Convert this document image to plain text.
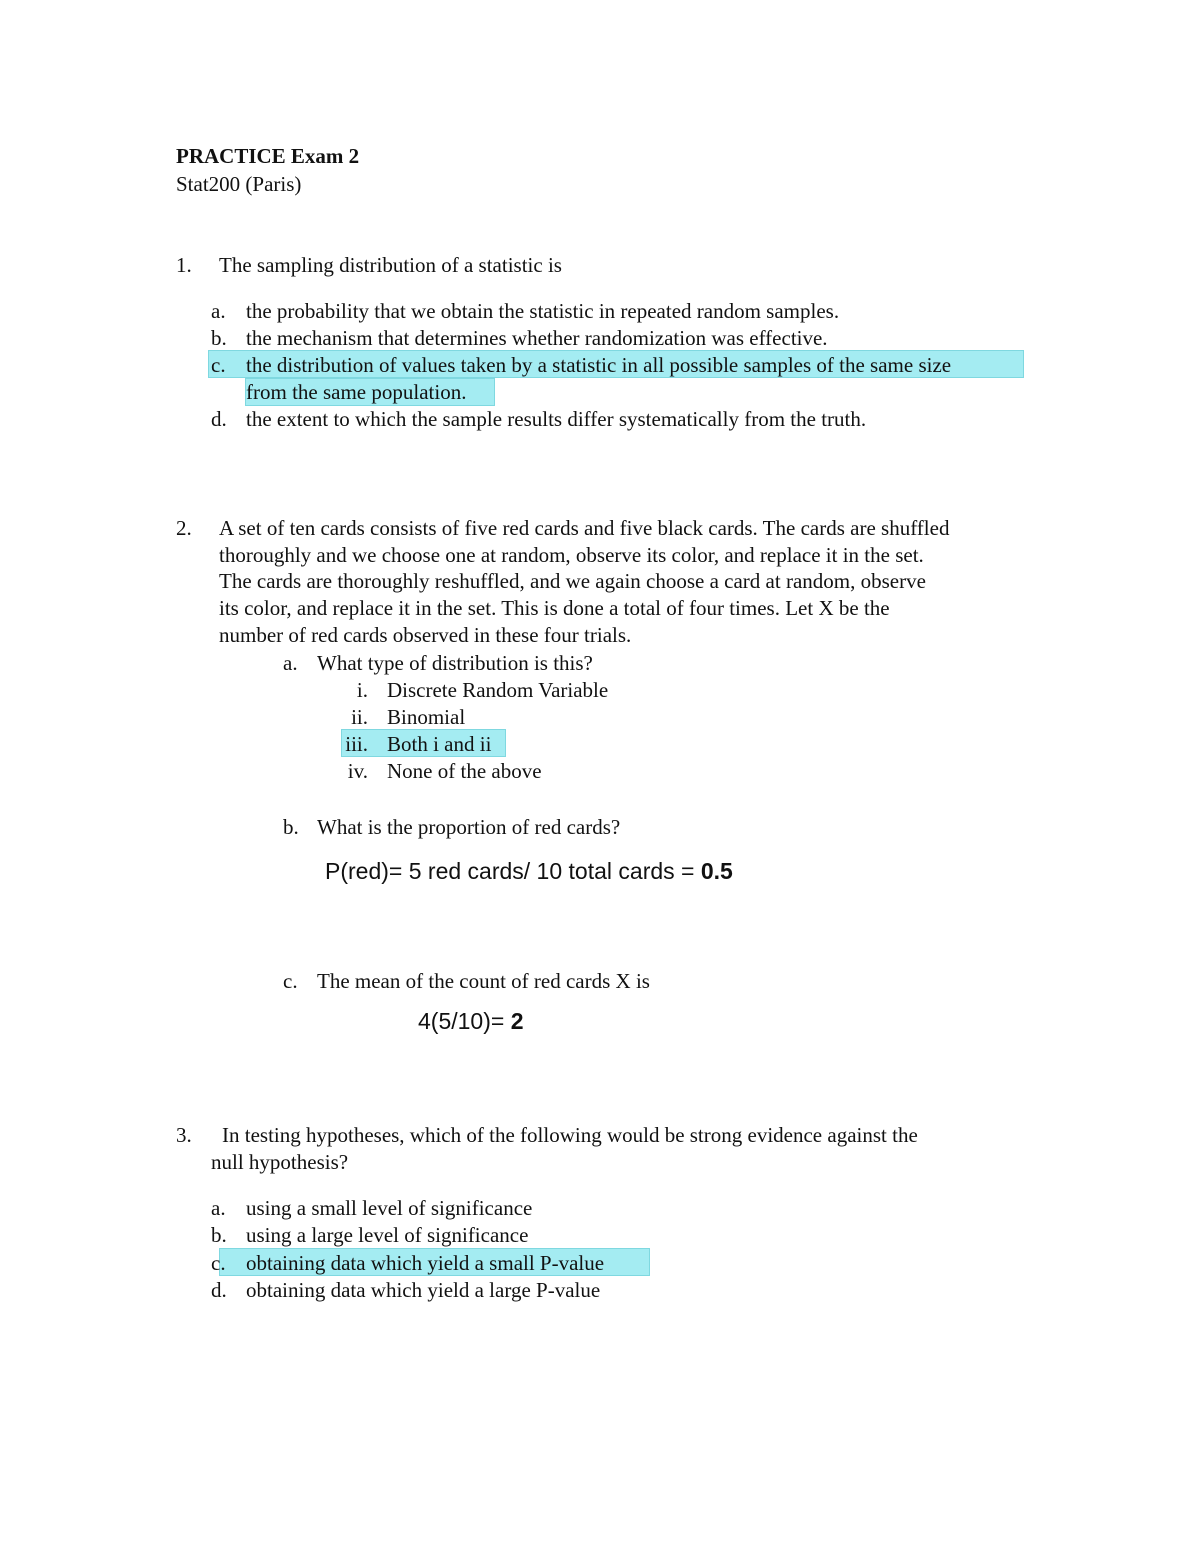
PRACTICE Exam 2
Stat200 (Paris)
1. The sampling distribution of a statistic is
a. the probability that we obtain the statistic in repeated random samples.
b. the mechanism that determines whether randomization was effective.
c. the distribution of values taken by a statistic in all possible samples of the same size
from the same population.
d. the extent to which the sample results differ systematically from the truth.
2. A set of ten cards consists of five red cards and five black cards. The cards are shuffled
thoroughly and we choose one at random, observe its color, and replace it in the set.
The cards are thoroughly reshuffled, and we again choose a card at random, observe
its color, and replace it in the set. This is done a total of four times. Let X be the
number of red cards observed in these four trials.
a. What type of distribution is this?
i. Discrete Random Variable
ii. Binomial
iii. Both i and ii
iv. None of the above
b. What is the proportion of red cards?
P(red)= 5 red cards/ 10 total cards = 0.5
c. The mean of the count of red cards X is
4(5/10)= 2
3. In testing hypotheses, which of the following would be strong evidence against the
null hypothesis?
a. using a small level of significance
b. using a large level of significance
c. obtaining data which yield a small P-value
d. obtaining data which yield a large P-value
